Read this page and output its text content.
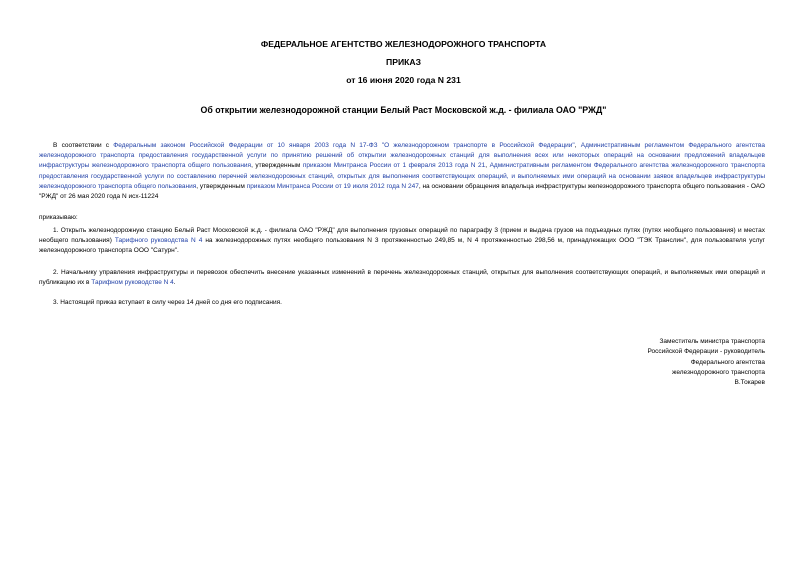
ФЕДЕРАЛЬНОЕ АГЕНТСТВО ЖЕЛЕЗНОДОРОЖНОГО ТРАНСПОРТА
ПРИКАЗ
от 16 июня 2020 года N 231
Об открытии железнодорожной станции Белый Раст Московской ж.д. - филиала ОАО "РЖД"
В соответствии с Федеральным законом Российской Федерации от 10 января 2003 года N 17-ФЗ "О железнодорожном транспорте в Российской Федерации", Административным регламентом Федерального агентства железнодорожного транспорта предоставления государственной услуги по принятию решений об открытии железнодорожных станций для выполнения всех или некоторых операций на основании предложений владельцев инфраструктуры железнодорожного транспорта общего пользования, утвержденным приказом Минтранса России от 1 февраля 2013 года N 21, Административным регламентом Федерального агентства железнодорожного транспорта предоставления государственной услуги по составлению перечней железнодорожных станций, открытых для выполнения соответствующих операций, и выполняемых ими операций на основании заявок владельцев инфраструктуры железнодорожного транспорта общего пользования, утвержденным приказом Минтранса России от 19 июля 2012 года N 247, на основании обращения владельца инфраструктуры железнодорожного транспорта общего пользования - ОАО "РЖД" от 26 мая 2020 года N исх-11224
приказываю:
1. Открыть железнодорожную станцию Белый Раст Московской ж.д. - филиала ОАО "РЖД" для выполнения грузовых операций по параграфу 3 (прием и выдача грузов на подъездных путях (путях необщего пользования) и местах необщего пользования) Тарифного руководства N 4 на железнодорожных путях необщего пользования N 3 протяженностью 249,85 м, N 4 протяженностью 298,56 м, принадлежащих ООО "ТЭК Транслин", для пользователя услуг железнодорожного транспорта ООО "Сатурн".
2. Начальнику управления инфраструктуры и перевозок обеспечить внесение указанных изменений в перечень железнодорожных станций, открытых для выполнения соответствующих операций, и выполняемых ими операций и публикацию их в Тарифном руководстве N 4.
3. Настоящий приказ вступает в силу через 14 дней со дня его подписания.
Заместитель министра транспорта
Российской Федерации - руководитель
Федерального агентства
железнодорожного транспорта
В.Токарев
